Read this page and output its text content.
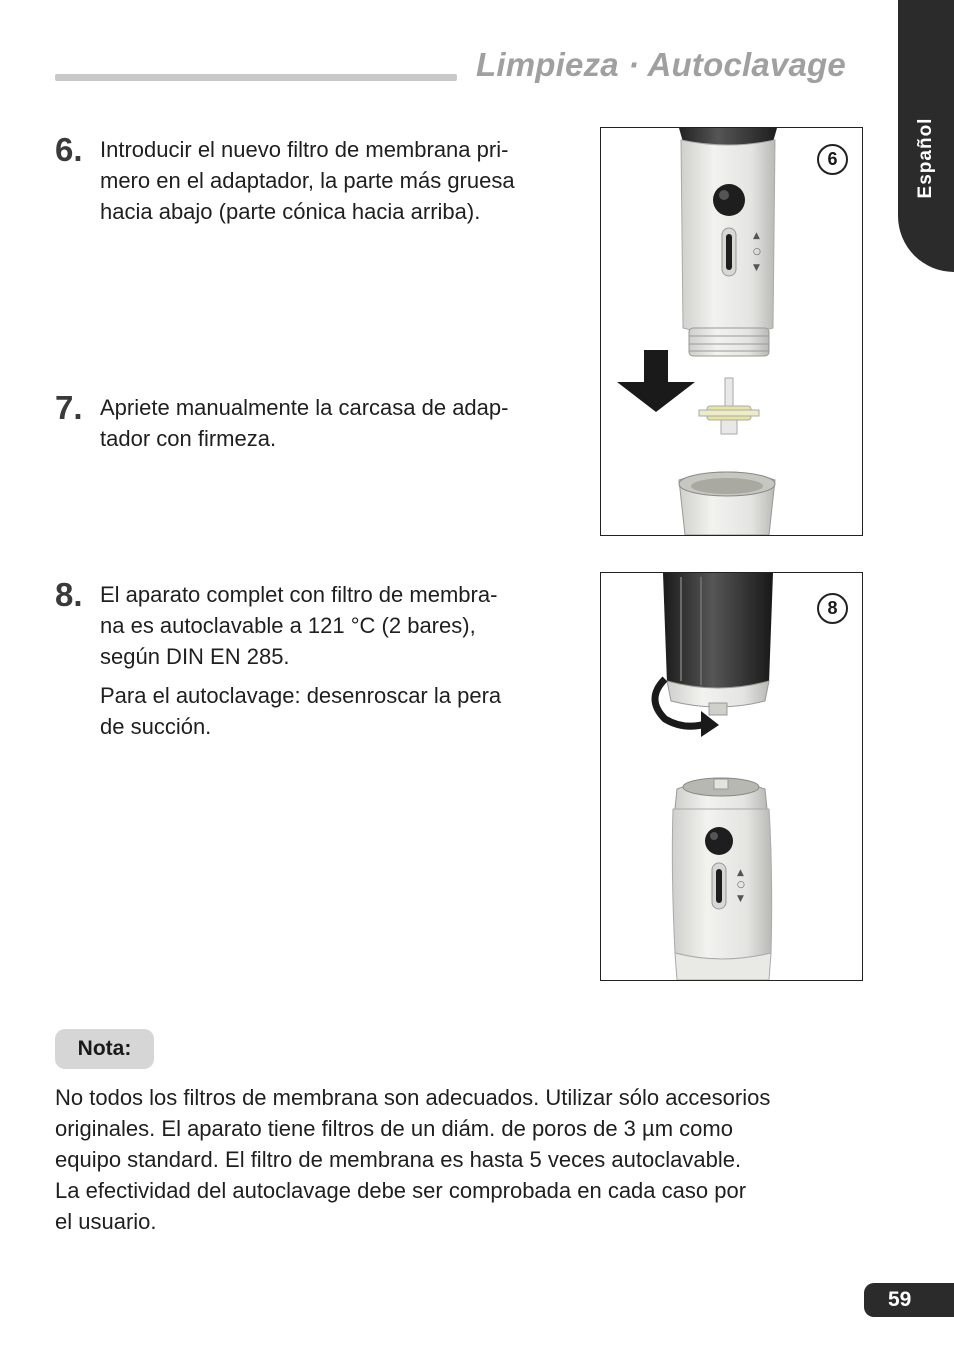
Limpieza · Autoclavage
Español
6. Introducir el nuevo filtro de membrana pri-
mero en el adaptador, la parte más gruesa
hacia abajo (parte cónica hacia arriba).

7. Apriete manualmente la carcasa de adap-
tador con firmeza.

8. El aparato complet con filtro de membra-
na es autoclavable a 121 °C (2 bares),
según DIN EN 285.

Para el autoclavage: desenroscar la pera
de succión.

▲
○
▼
6
▲
○
▼
8
Nota:
No todos los filtros de membrana son adecuados. Utilizar sólo accesorios
originales. El aparato tiene filtros de un diám. de poros de 3 µm como
equipo standard. El filtro de membrana es hasta 5 veces autoclavable.
La efectividad del autoclavage debe ser comprobada en cada caso por
el usuario.
59
